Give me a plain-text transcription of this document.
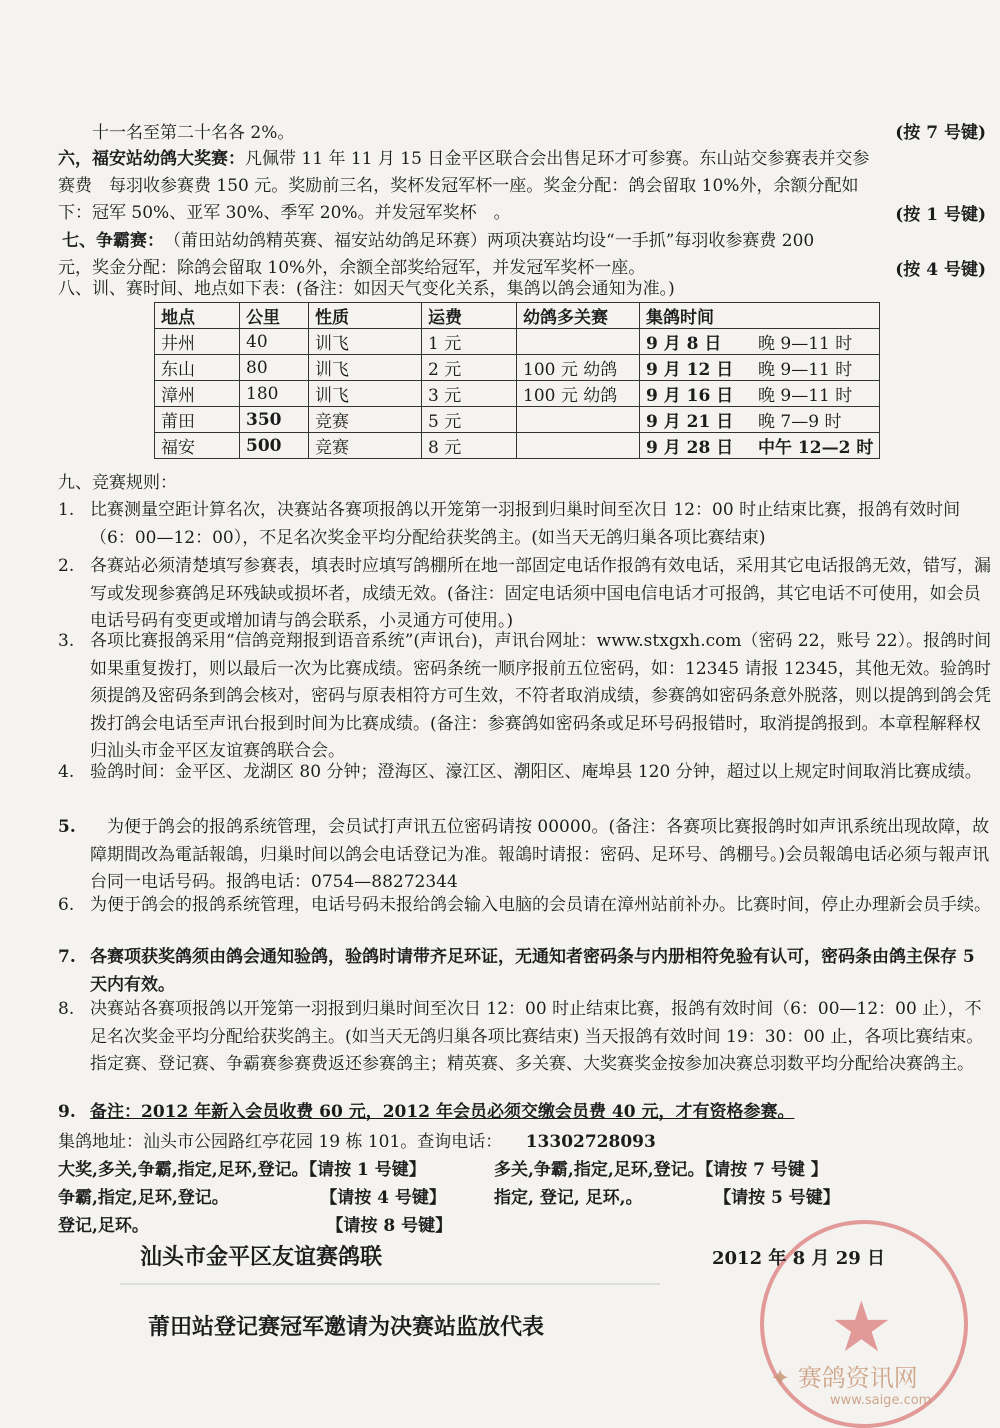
十一名至第二十名各 2%。	(按 7 号键)
六，福安站幼鸽大奖赛：凡佩带 11 年 11 月 15 日金平区联合会出售足环才可参赛。东山站交参赛表并交参
赛费　每羽收参赛费 150 元。奖励前三名，奖杯发冠军杯一座。奖金分配：鸽会留取 10%外，余额分配如
下：冠军 50%、亚军 30%、季军 20%。并发冠军奖杯　。	(按 1 号键)
七、争霸赛：　（莆田站幼鸽精英赛、福安站幼鸽足环赛）两项决赛站均设“一手抓”每羽收参赛费 200
元，奖金分配：除鸽会留取 10%外，余额全部奖给冠军，并发冠军奖杯一座。	(按 4 号键)
八、训、赛时间、地点如下表：(备注：如因天气变化关系，集鸽以鸽会通知为准。)
地点	公里	性质	运费	幼鸽多关赛	集鸽时间	
井州	40	训飞	1 元		9 月 8 日	晚 9—11 时
东山	80	训飞	2 元	100 元 幼鸽	9 月 12 日	晚 9—11 时
漳州	180	训飞	3 元	100 元 幼鸽	9 月 16 日	晚 9—11 时
莆田	350	竞赛	5 元		9 月 21 日	晚 7—9 时
福安	500	竞赛	8 元		9 月 28 日	中午 12—2 时
九、竞赛规则：
1. 比赛测量空距计算名次，决赛站各赛项报鸽以开笼第一羽报到归巢时间至次日 12：00 时止结束比赛，报鸽有效时间（6：00—12：00），不足名次奖金平均分配给获奖鸽主。(如当天无鸽归巢各项比赛结束)
2. 各赛站必须清楚填写参赛表，填表时应填写鸽棚所在地一部固定电话作报鸽有效电话，采用其它电话报鸽无效，错写，漏写或发现参赛鸽足环残缺或损坏者，成绩无效。(备注：固定电话须中国电信电话才可报鸽，其它电话不可使用，如会员电话号码有变更或增加请与鸽会联系，小灵通方可使用。)
3. 各项比赛报鸽采用“信鸽竞翔报到语音系统”(声讯台)，声讯台网址：www.stxgxh.com（密码 22，账号 22）。报鸽时间如果重复拨打，则以最后一次为比赛成绩。密码条统一顺序报前五位密码，如：12345 请报 12345，其他无效。验鸽时须提鸽及密码条到鸽会核对，密码与原表相符方可生效，不符者取消成绩，参赛鸽如密码条意外脱落，则以提鸽到鸽会凭拨打鸽会电话至声讯台报到时间为比赛成绩。(备注：参赛鸽如密码条或足环号码报错时，取消提鸽报到。本章程解释权归汕头市金平区友谊赛鸽联合会。
4. 验鸽时间：金平区、龙湖区 80 分钟；澄海区、濠江区、潮阳区、庵埠县 120 分钟，超过以上规定时间取消比赛成绩。
5. 　为便于鸽会的报鸽系统管理，会员试打声讯五位密码请按 00000。(备注：各赛项比赛报鸽时如声讯系统出现故障，故障期間改為電話報鴿，归巢时间以鸽会电话登记为准。報鴿时请报：密码、足环号、鸽棚号。)会员報鴿电话必须与報声讯台同一电话号码。报鸽电话：0754—88272344
6. 为便于鸽会的报鸽系统管理，电话号码未报给鸽会输入电脑的会员请在漳州站前补办。比赛时间，停止办理新会员手续。
7. 各赛项获奖鸽须由鸽会通知验鸽，验鸽时请带齐足环证，无通知者密码条与内册相符免验有认可，密码条由鸽主保存 5 天内有效。
8. 决赛站各赛项报鸽以开笼第一羽报到归巢时间至次日 12：00 时止结束比赛，报鸽有效时间（6：00—12：00 止），不足名次奖金平均分配给获奖鸽主。(如当天无鸽归巢各项比赛结束) 当天报鸽有效时间 19：30：00 止，各项比赛结束。指定赛、登记赛、争霸赛参赛费返还参赛鸽主；精英赛、多关赛、大奖赛奖金按参加决赛总羽数平均分配给决赛鸽主。
9. 备注：2012 年新入会员收费 60 元，2012 年会员必须交缴会员费 40 元，才有资格参赛。
集鸽地址：汕头市公园路红亭花园 19 栋 101。查询电话： 13302728093
大奖,多关,争霸,指定,足环,登记。【请按 1 号键】	多关,争霸,指定,足环,登记。【请按 7 号键 】
争霸,指定,足环,登记。	【请按 4 号键】	指定, 登记, 足环,。	【请按 5 号键】
登记,足环。	【请按 8 号键】
★
汕头市金平区友谊赛鸽联	2012 年 8 月 29 日
莆田站登记赛冠军邀请为决赛站监放代表
✦ 赛鸽资讯网
www.saige.com
